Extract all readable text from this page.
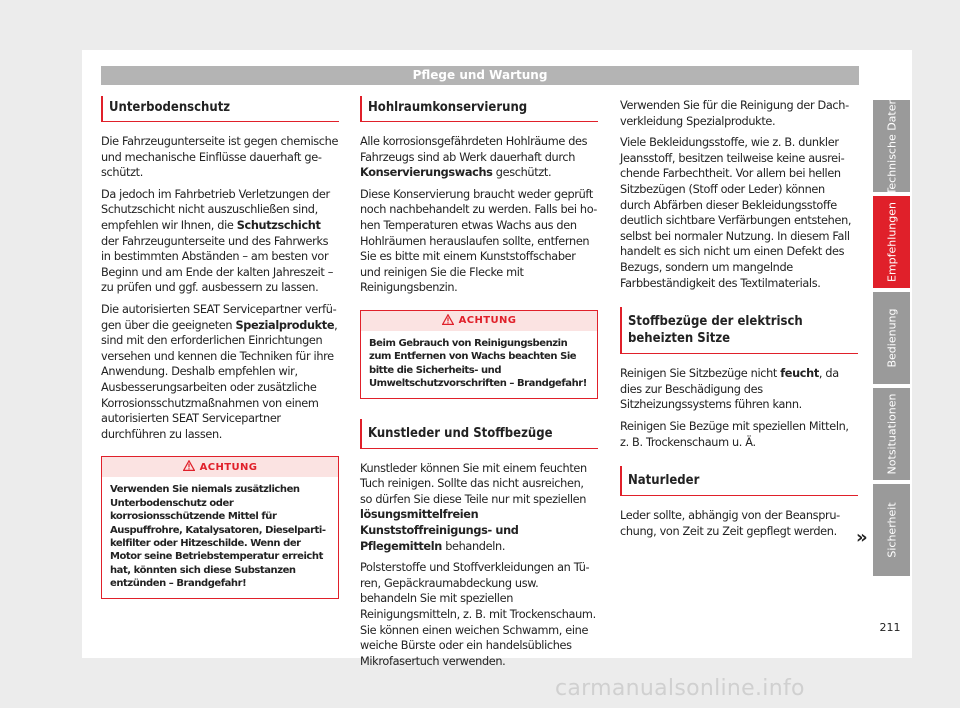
Pflege und Wartung
Unterbodenschutz

Die Fahrzeugunterseite ist gegen chemische und mechanische Einflüsse dauerhaft geschützt.

Da jedoch im Fahrbetrieb Verletzungen der Schutzschicht nicht auszuschließen sind, empfehlen wir Ihnen, die Schutzschicht der Fahrzeugunterseite und des Fahrwerks in bestimmten Abständen – am besten vor Beginn und am Ende der kalten Jahreszeit – zu prüfen und ggf. ausbessern zu lassen.

Die autorisierten SEAT Servicepartner verfügen über die geeigneten Spezialprodukte, sind mit den erforderlichen Einrichtungen versehen und kennen die Techniken für ihre Anwendung. Deshalb empfehlen wir, Ausbesserungsarbeiten oder zusätzliche Korrosionsschutzmaßnahmen von einem autorisierten SEAT Servicepartner durchführen zu lassen.

ACHTUNG
Verwenden Sie niemals zusätzlichen Unterbodenschutz oder korrosionsschützende Mittel für Auspuffrohre, Katalysatoren, Dieselpartikelfilter oder Hitzeschilde. Wenn der Motor seine Betriebstemperatur erreicht hat, könnten sich diese Substanzen entzünden – Brandgefahr!
Hohlraumkonservierung

Alle korrosionsgefährdeten Hohlräume des Fahrzeugs sind ab Werk dauerhaft durch Konservierungswachs geschützt.

Diese Konservierung braucht weder geprüft noch nachbehandelt zu werden. Falls bei hohen Temperaturen etwas Wachs aus den Hohlräumen herauslaufen sollte, entfernen Sie es bitte mit einem Kunststoffschaber und reinigen Sie die Flecke mit Reinigungsbenzin.

ACHTUNG
Beim Gebrauch von Reinigungsbenzin zum Entfernen von Wachs beachten Sie bitte die Sicherheits- und Umweltschutzvorschriften – Brandgefahr!
Kunstleder und Stoffbezüge

Kunstleder können Sie mit einem feuchten Tuch reinigen. Sollte das nicht ausreichen, so dürfen Sie diese Teile nur mit speziellen lösungsmittelfreien Kunststoffreinigungs- und Pflegemitteln behandeln.

Polsterstoffe und Stoffverkleidungen an Türen, Gepäckraumabdeckung usw. behandeln Sie mit speziellen Reinigungsmitteln, z. B. mit Trockenschaum. Sie können einen weichen Schwamm, eine weiche Bürste oder ein handelsübliches Mikrofasertuch verwenden.

Verwenden Sie für die Reinigung der Dachverkleidung Spezialprodukte.

Viele Bekleidungsstoffe, wie z. B. dunkler Jeansstoff, besitzen teilweise keine ausreichende Farbechtheit. Vor allem bei hellen Sitzbezügen (Stoff oder Leder) können durch Abfärben dieser Bekleidungsstoffe deutlich sichtbare Verfärbungen entstehen, selbst bei normaler Nutzung. In diesem Fall handelt es sich nicht um einen Defekt des Bezugs, sondern um mangelnde Farbbeständigkeit des Textilmaterials.

Stoffbezüge der elektrisch beheizten Sitze

Reinigen Sie Sitzbezüge nicht feucht, da dies zur Beschädigung des Sitzheizungssystems führen kann.

Reinigen Sie Bezüge mit speziellen Mitteln, z. B. Trockenschaum u. Ä.

Naturleder

Leder sollte, abhängig von der Beanspruchung, von Zeit zu Zeit gepflegt werden.

Technische Daten
Empfehlungen
Bedienung
Notsituationen
Sicherheit
»
211
carmanualsonline.info
